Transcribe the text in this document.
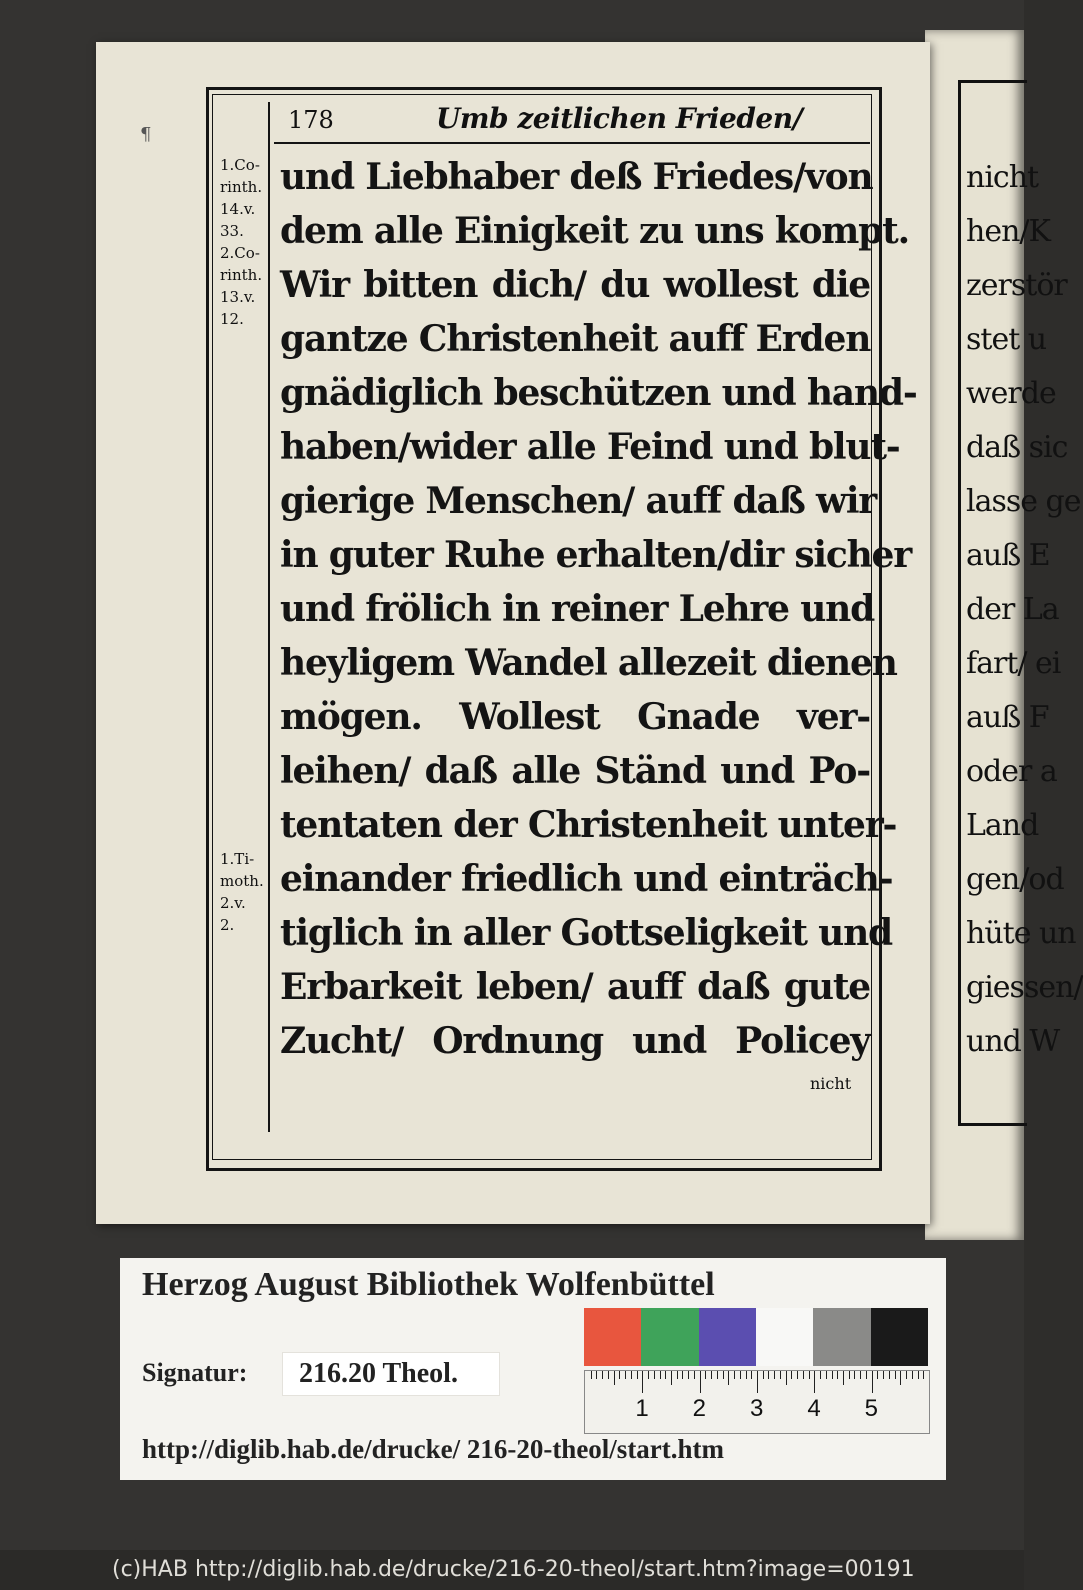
nicht
hen/K
zerstör
stet u
werde
daß sic
lasse ge
auß E
der La
fart/ ei
auß F
oder a
Land
gen/od
hüte un
giessen/
und W
¶
178	Umb zeitlichen Frieden/
1.Co-
rinth.
14.v.
33.
2.Co-
rinth.
13.v.
12.
1.Ti-
moth.
2.v.
2.
und Liebhaber deß Friedes/von
dem alle Einigkeit zu uns kompt.
Wir bitten dich/ du wollest die
gantze Christenheit auff Erden
gnädiglich beschützen und hand-
haben/wider alle Feind und blut-
gierige Menschen/ auff daß wir
in guter Ruhe erhalten/dir sicher
und frölich in reiner Lehre und
heyligem Wandel allezeit dienen
mögen. Wollest Gnade ver-
leihen/ daß alle Ständ und Po-
tentaten der Christenheit unter-
einander friedlich und einträch-
tiglich in aller Gottseligkeit und
Erbarkeit leben/ auff daß gute
Zucht/ Ordnung und Policey
nicht
Herzog August Bibliothek Wolfenbüttel
Signatur: 216.20 Theol.
1 2 3 4 5
http://diglib.hab.de/drucke/ 216-20-theol/start.htm
(c)HAB http://diglib.hab.de/drucke/216-20-theol/start.htm?image=00191
